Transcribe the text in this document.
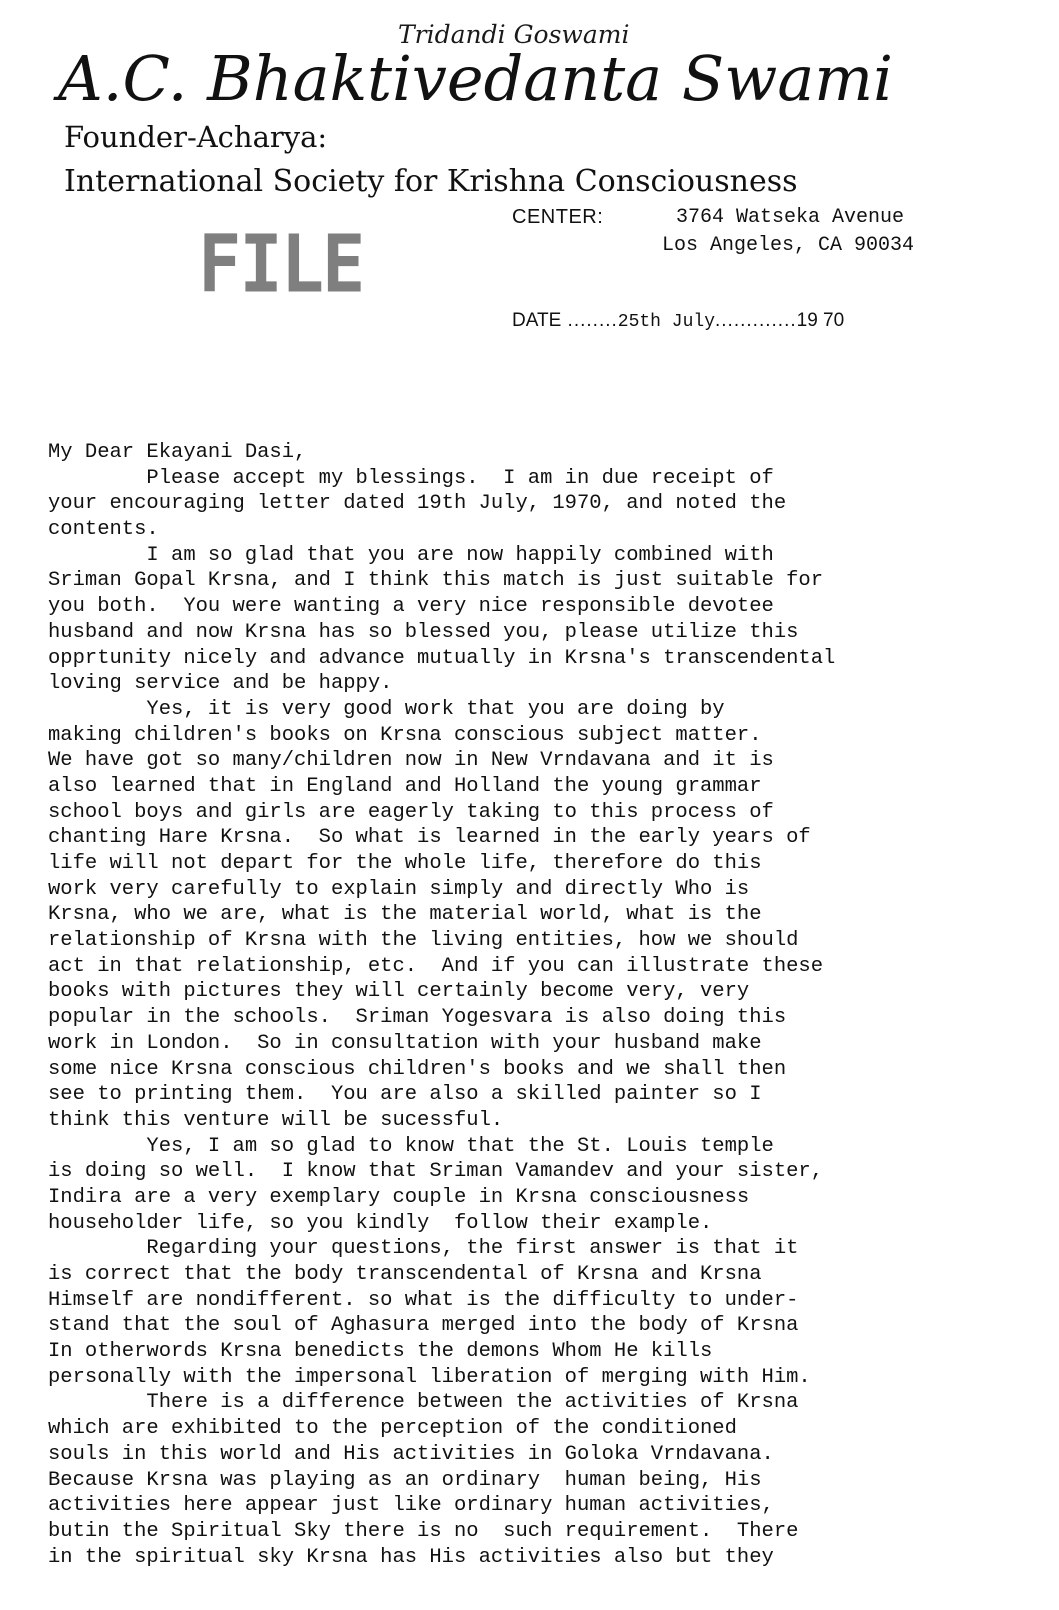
Tridandi Goswami
A.C. Bhaktivedanta Swami
Founder-Acharya:
International Society for Krishna Consciousness
CENTER:	3764 Watseka Avenue
Los Angeles, CA 90034
FILE
DATE ........25th July.............19 70
My Dear Ekayani Dasi,
Please accept my blessings.  I am in due receipt of
your encouraging letter dated 19th July, 1970, and noted the
contents.
I am so glad that you are now happily combined with
Sriman Gopal Krsna, and I think this match is just suitable for
you both.  You were wanting a very nice responsible devotee
husband and now Krsna has so blessed you, please utilize this
opprtunity nicely and advance mutually in Krsna's transcendental
loving service and be happy.
Yes, it is very good work that you are doing by
making children's books on Krsna conscious subject matter.
We have got so many/children now in New Vrndavana and it is
also learned that in England and Holland the young grammar
school boys and girls are eagerly taking to this process of
chanting Hare Krsna.  So what is learned in the early years of
life will not depart for the whole life, therefore do this
work very carefully to explain simply and directly Who is
Krsna, who we are, what is the material world, what is the
relationship of Krsna with the living entities, how we should
act in that relationship, etc.  And if you can illustrate these
books with pictures they will certainly become very, very
popular in the schools.  Sriman Yogesvara is also doing this
work in London.  So in consultation with your husband make
some nice Krsna conscious children's books and we shall then
see to printing them.  You are also a skilled painter so I
think this venture will be sucessful.
Yes, I am so glad to know that the St. Louis temple
is doing so well.  I know that Sriman Vamandev and your sister,
Indira are a very exemplary couple in Krsna consciousness
householder life, so you kindly  follow their example.
Regarding your questions, the first answer is that it
is correct that the body transcendental of Krsna and Krsna
Himself are nondifferent. so what is the difficulty to under-
stand that the soul of Aghasura merged into the body of Krsna
In otherwords Krsna benedicts the demons Whom He kills
personally with the impersonal liberation of merging with Him.
There is a difference between the activities of Krsna
which are exhibited to the perception of the conditioned
souls in this world and His activities in Goloka Vrndavana.
Because Krsna was playing as an ordinary  human being, His
activities here appear just like ordinary human activities,
butin the Spiritual Sky there is no  such requirement.  There
in the spiritual sky Krsna has His activities also but they
